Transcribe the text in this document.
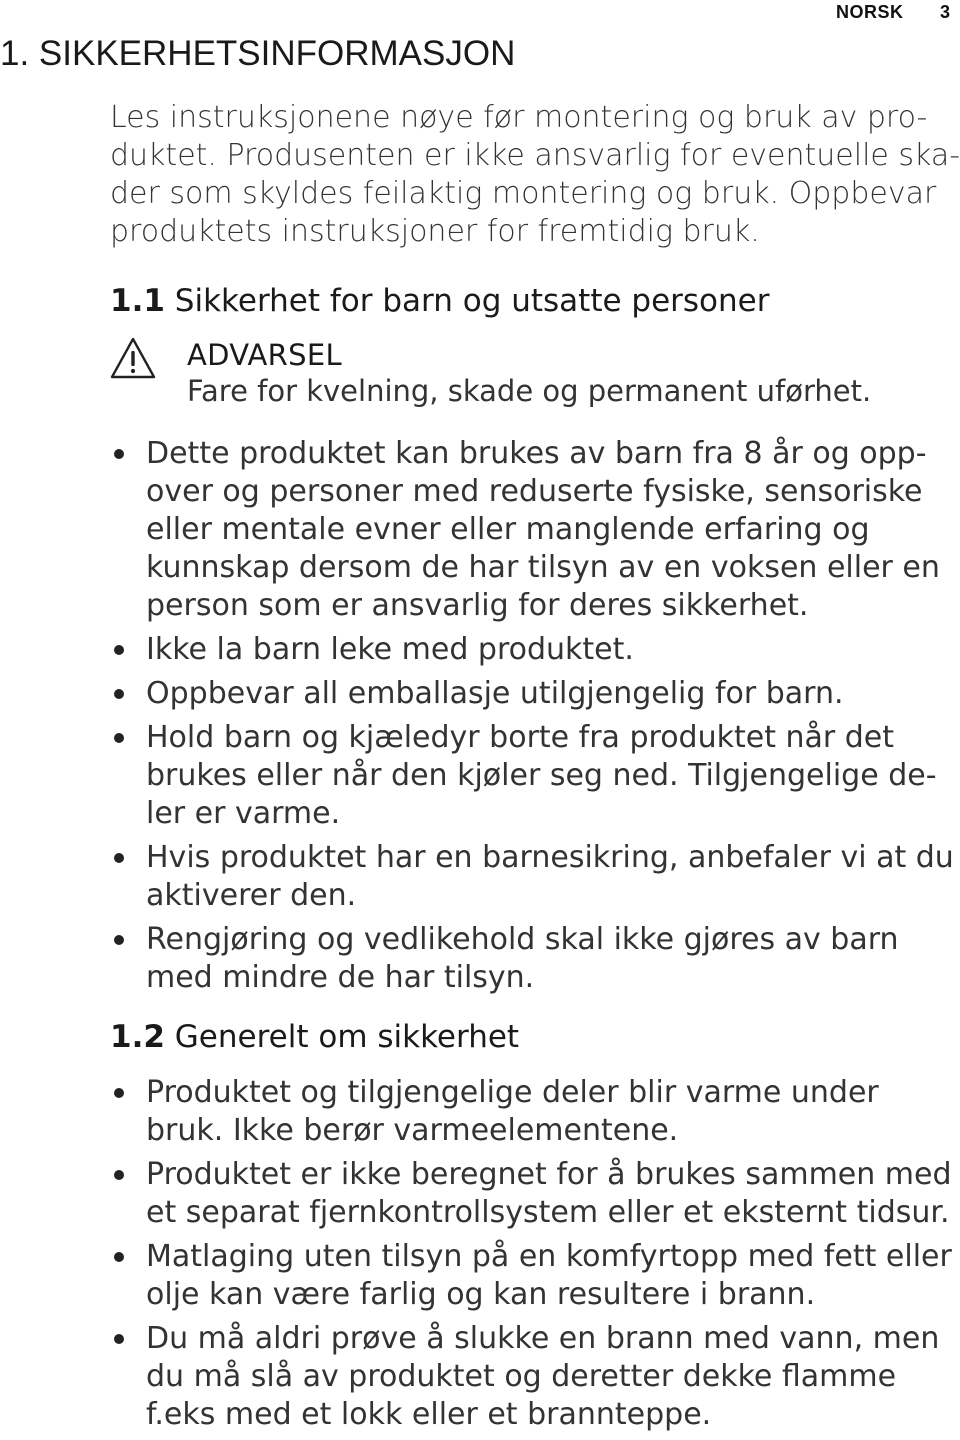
NORSK 3
1. SIKKERHETSINFORMASJON
Les instruksjonene nøye før montering og bruk av pro-
duktet. Produsenten er ikke ansvarlig for eventuelle ska-
der som skyldes feilaktig montering og bruk. Oppbevar
produktets instruksjoner for fremtidig bruk.
1.1 Sikkerhet for barn og utsatte personer
ADVARSEL
Fare for kvelning, skade og permanent uførhet.
Dette produktet kan brukes av barn fra 8 år og opp-
over og personer med reduserte fysiske, sensoriske
eller mentale evner eller manglende erfaring og
kunnskap dersom de har tilsyn av en voksen eller en
person som er ansvarlig for deres sikkerhet.
Ikke la barn leke med produktet.
Oppbevar all emballasje utilgjengelig for barn.
Hold barn og kjæledyr borte fra produktet når det
brukes eller når den kjøler seg ned. Tilgjengelige de-
ler er varme.
Hvis produktet har en barnesikring, anbefaler vi at du
aktiverer den.
Rengjøring og vedlikehold skal ikke gjøres av barn
med mindre de har tilsyn.
1.2 Generelt om sikkerhet
Produktet og tilgjengelige deler blir varme under
bruk. Ikke berør varmeelementene.
Produktet er ikke beregnet for å brukes sammen med
et separat fjernkontrollsystem eller et eksternt tidsur.
Matlaging uten tilsyn på en komfyrtopp med fett eller
olje kan være farlig og kan resultere i brann.
Du må aldri prøve å slukke en brann med vann, men
du må slå av produktet og deretter dekke flamme
f.eks med et lokk eller et brannteppe.
